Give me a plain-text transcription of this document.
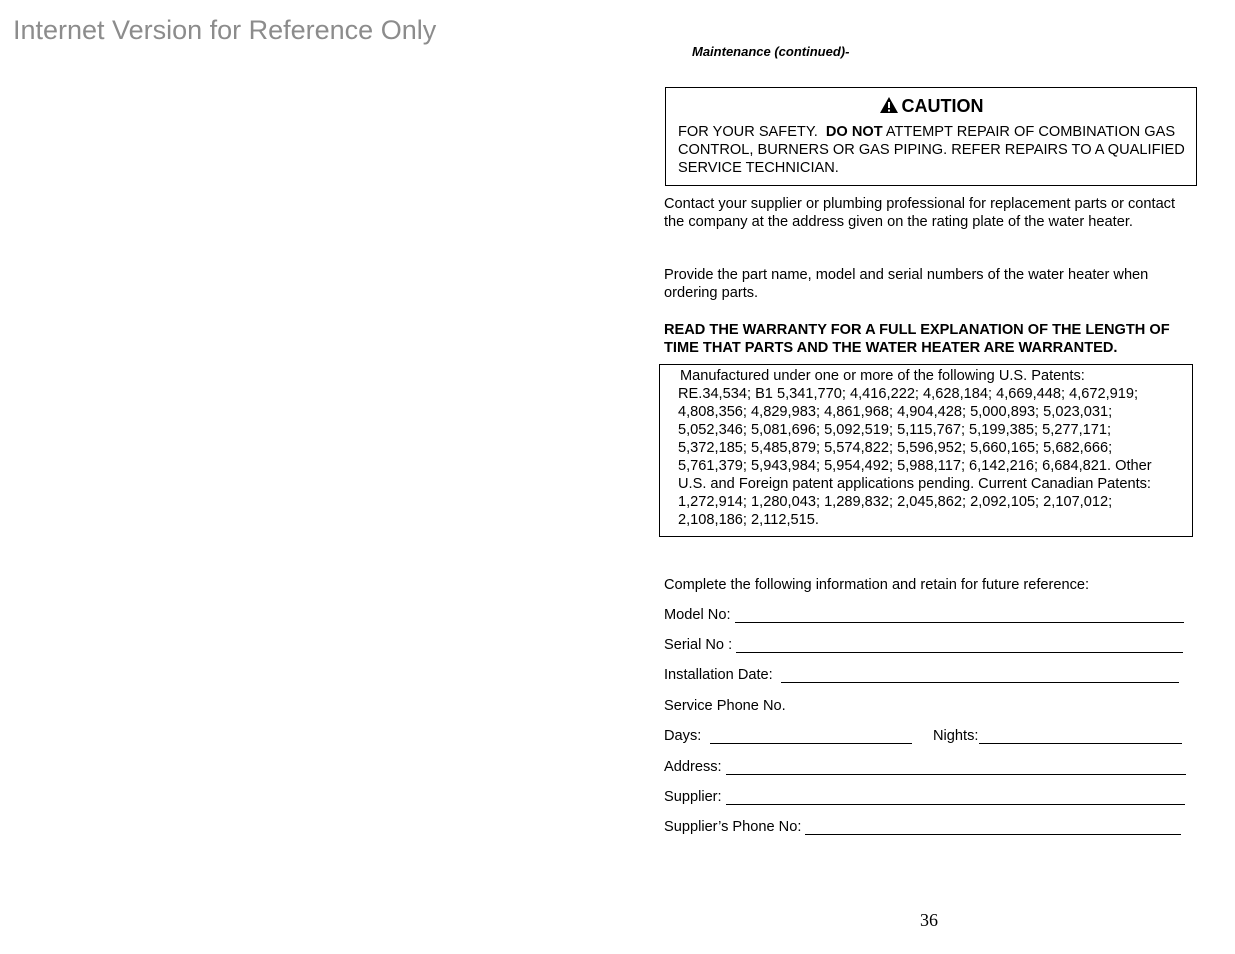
Internet Version for Reference Only
Maintenance (continued)-
CAUTION
FOR YOUR SAFETY. DO NOT ATTEMPT REPAIR OF COMBINATION GAS CONTROL, BURNERS OR GAS PIPING. REFER REPAIRS TO A QUALIFIED SERVICE TECHNICIAN.
Contact your supplier or plumbing professional for replacement parts or contact the company at the address given on the rating plate of the water heater.
Provide the part name, model and serial numbers of the water heater when ordering parts.
READ THE WARRANTY FOR A FULL EXPLANATION OF THE LENGTH OF TIME THAT PARTS AND THE WATER HEATER ARE WARRANTED.

Manufactured under one or more of the following U.S. Patents:
RE.34,534; B1 5,341,770; 4,416,222; 4,628,184; 4,669,448; 4,672,919; 4,808,356; 4,829,983; 4,861,968; 4,904,428; 5,000,893; 5,023,031; 5,052,346; 5,081,696; 5,092,519; 5,115,767; 5,199,385; 5,277,171; 5,372,185; 5,485,879; 5,574,822; 5,596,952; 5,660,165; 5,682,666; 5,761,379; 5,943,984; 5,954,492; 5,988,117; 6,142,216; 6,684,821. Other U.S. and Foreign patent applications pending. Current Canadian Patents: 1,272,914; 1,280,043; 1,289,832; 2,045,862; 2,092,105; 2,107,012; 2,108,186; 2,112,515.

Complete the following information and retain for future reference:
Model No:
Serial No :
Installation Date:
Service Phone No.
Days:	Nights:
Address:
Supplier:
Supplier’s Phone No:
36
